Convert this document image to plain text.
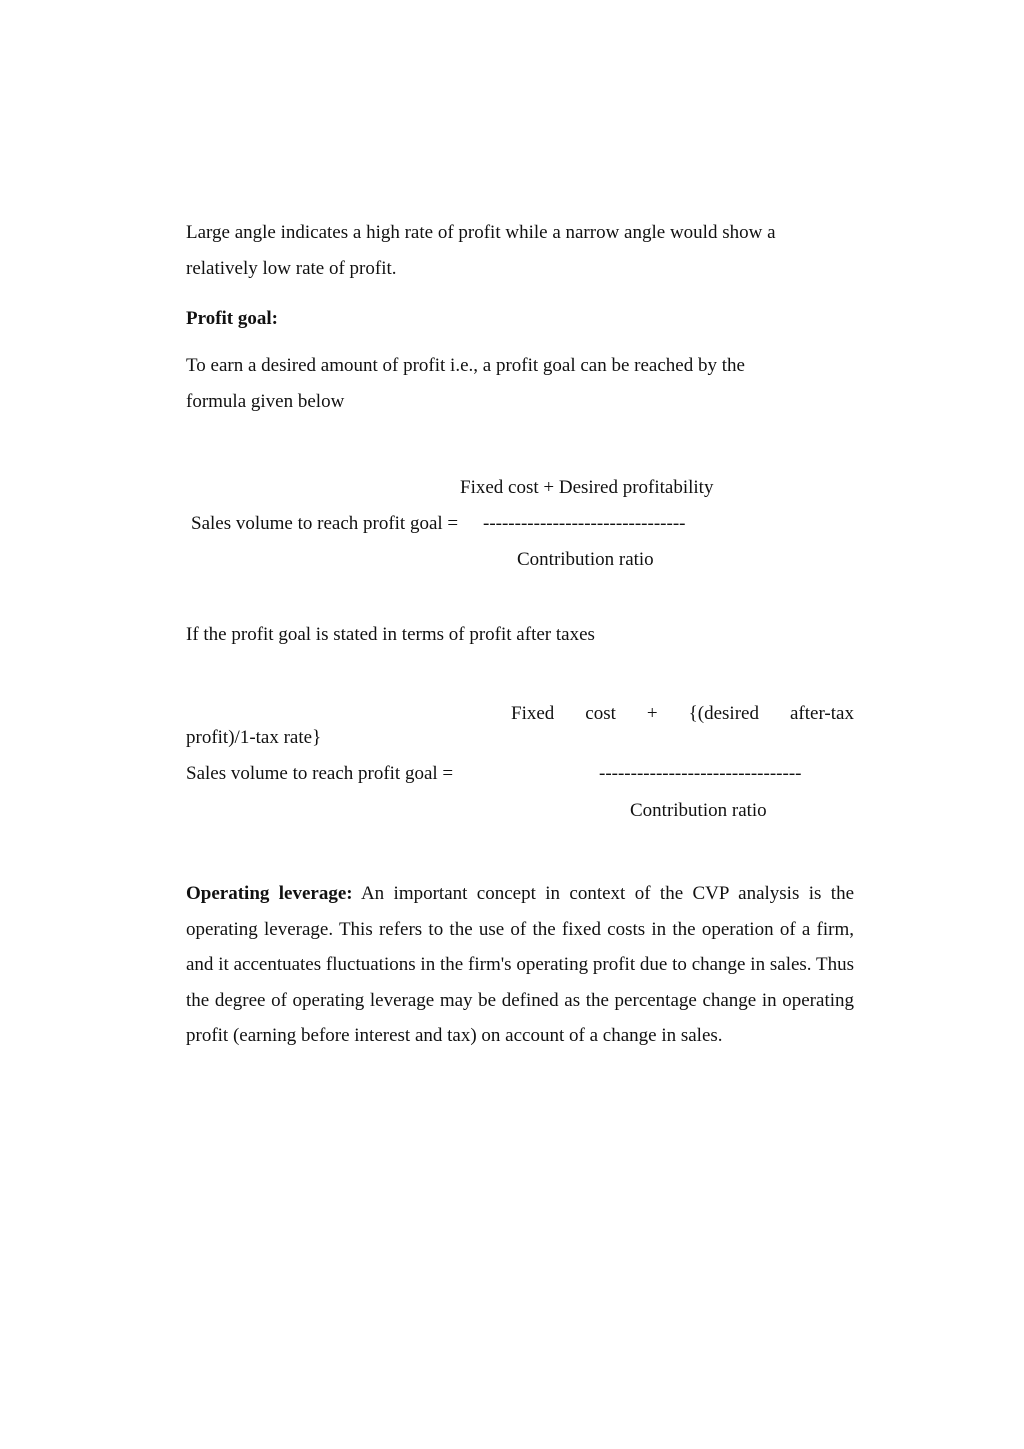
Large angle indicates a high rate of profit while a narrow angle would show a
relatively low rate of profit.
Profit goal:
To earn a desired amount of profit i.e., a profit goal can be reached by the
formula given below
Fixed cost + Desired profitability
Sales volume to reach profit goal = --------------------------------
Contribution ratio
If the profit goal is stated in terms of profit after taxes
Fixed cost + {(desired after-tax
profit)/1-tax rate}
Sales volume to reach profit goal =	--------------------------------
Contribution ratio
Operating leverage: An important concept in context of the CVP analysis is the operating leverage. This refers to the use of the fixed costs in the operation of a firm, and it accentuates fluctuations in the firm's operating profit due to change in sales. Thus the degree of operating leverage may be defined as the percentage change in operating profit (earning before interest and tax) on account of a change in sales.
